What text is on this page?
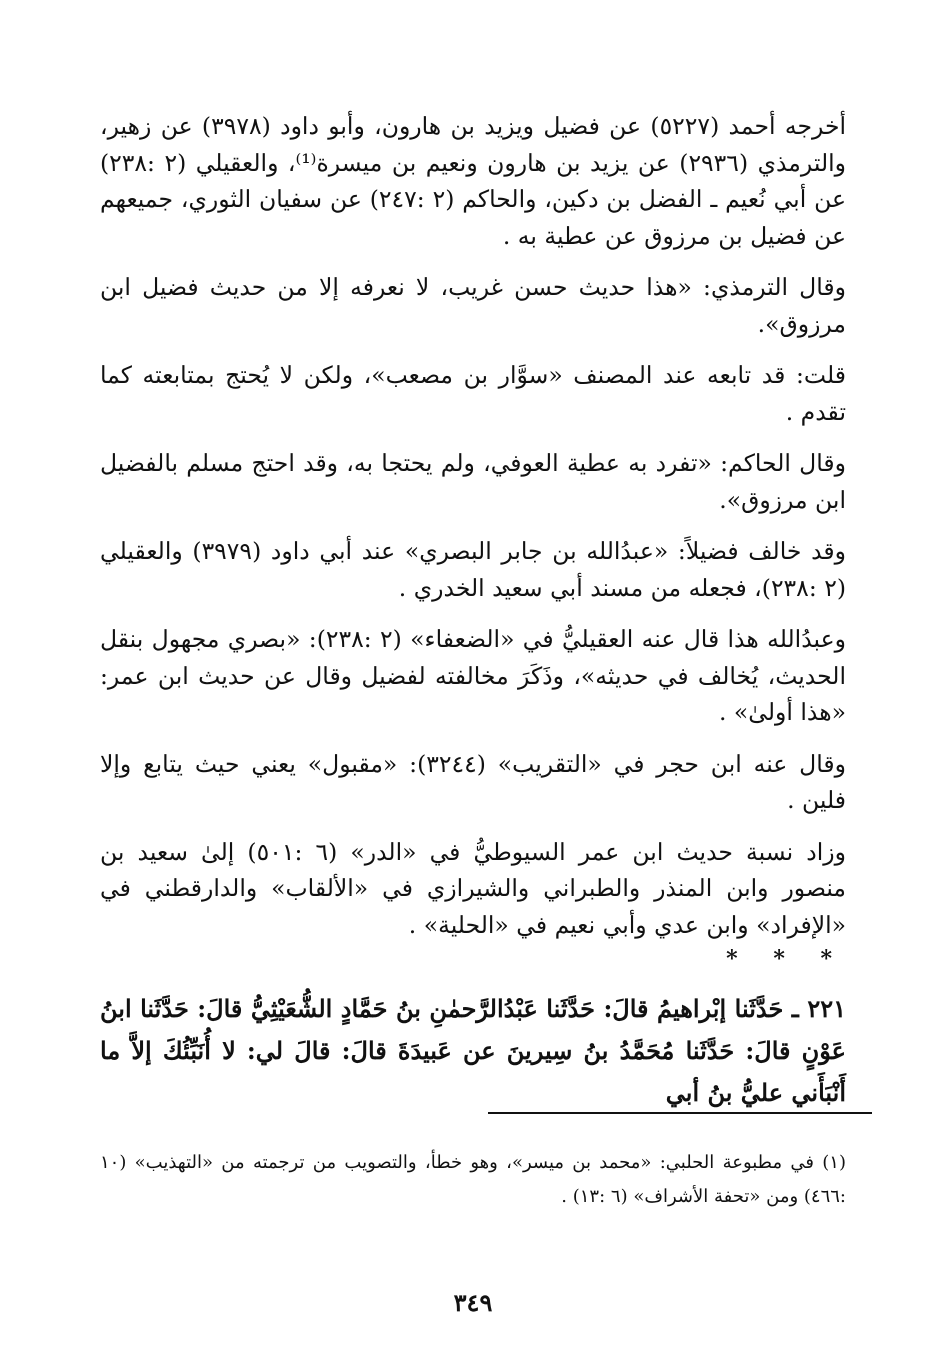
أخرجه أحمد (٥٢٢٧) عن فضيل ويزيد بن هارون، وأبو داود (٣٩٧٨) عن زهير، والترمذي (٢٩٣٦) عن يزيد بن هارون ونعيم بن ميسرة⁽¹⁾، والعقيلي (٢ :٢٣٨) عن أبي نُعيم ـ الفضل بن دكين، والحاكم (٢ :٢٤٧) عن سفيان الثوري، جميعهم عن فضيل بن مرزوق عن عطية به .

وقال الترمذي: «هذا حديث حسن غريب، لا نعرفه إلا من حديث فضيل ابن مرزوق».

قلت: قد تابعه عند المصنف «سوَّار بن مصعب»، ولكن لا يُحتج بمتابعته كما تقدم .

وقال الحاكم: «تفرد به عطية العوفي، ولم يحتجا به، وقد احتج مسلم بالفضيل ابن مرزوق».

وقد خالف فضيلاً: «عبدُالله بن جابر البصري» عند أبي داود (٣٩٧٩) والعقيلي (٢ :٢٣٨)، فجعله من مسند أبي سعيد الخدري .

وعبدُالله هذا قال عنه العقيليُّ في «الضعفاء» (٢ :٢٣٨): «بصري مجهول بنقل الحديث، يُخالف في حديثه»، وذَكَرَ مخالفته لفضيل وقال عن حديث ابن عمر: «هذا أولىٰ» .

وقال عنه ابن حجر في «التقريب» (٣٢٤٤): «مقبول» يعني حيث يتابع وإلا فلين .

وزاد نسبة حديث ابن عمر السيوطيُّ في «الدر» (٦ :٥٠١) إلىٰ سعيد بن منصور وابن المنذر والطبراني والشيرازي في «الألقاب» والدارقطني في «الإفراد» وابن عدي وأبي نعيم في «الحلية» .

* * *

٢٢١ ـ حَدَّثَنا إبْراهيمُ قالَ: حَدَّثَنا عَبْدُالرَّحمٰنِ بنُ حَمَّادٍ الشُّعَيْثِيُّ قالَ: حَدَّثَنا ابنُ عَوْنٍ قالَ: حَدَّثَنا مُحَمَّدُ بنُ سِيرينَ عن عَبيدَةَ قالَ: قالَ لي: لا أُنَبِّئُكَ إلاَّ ما أَنْبَأَني عليُّ بنُ أبي

(١) في مطبوعة الحلبي: «محمد بن ميسر»، وهو خطأ، والتصويب من ترجمته من «التهذيب» (١٠ :٤٦٦) ومن «تحفة الأشراف» (٦ :١٣) .

٣٤٩
